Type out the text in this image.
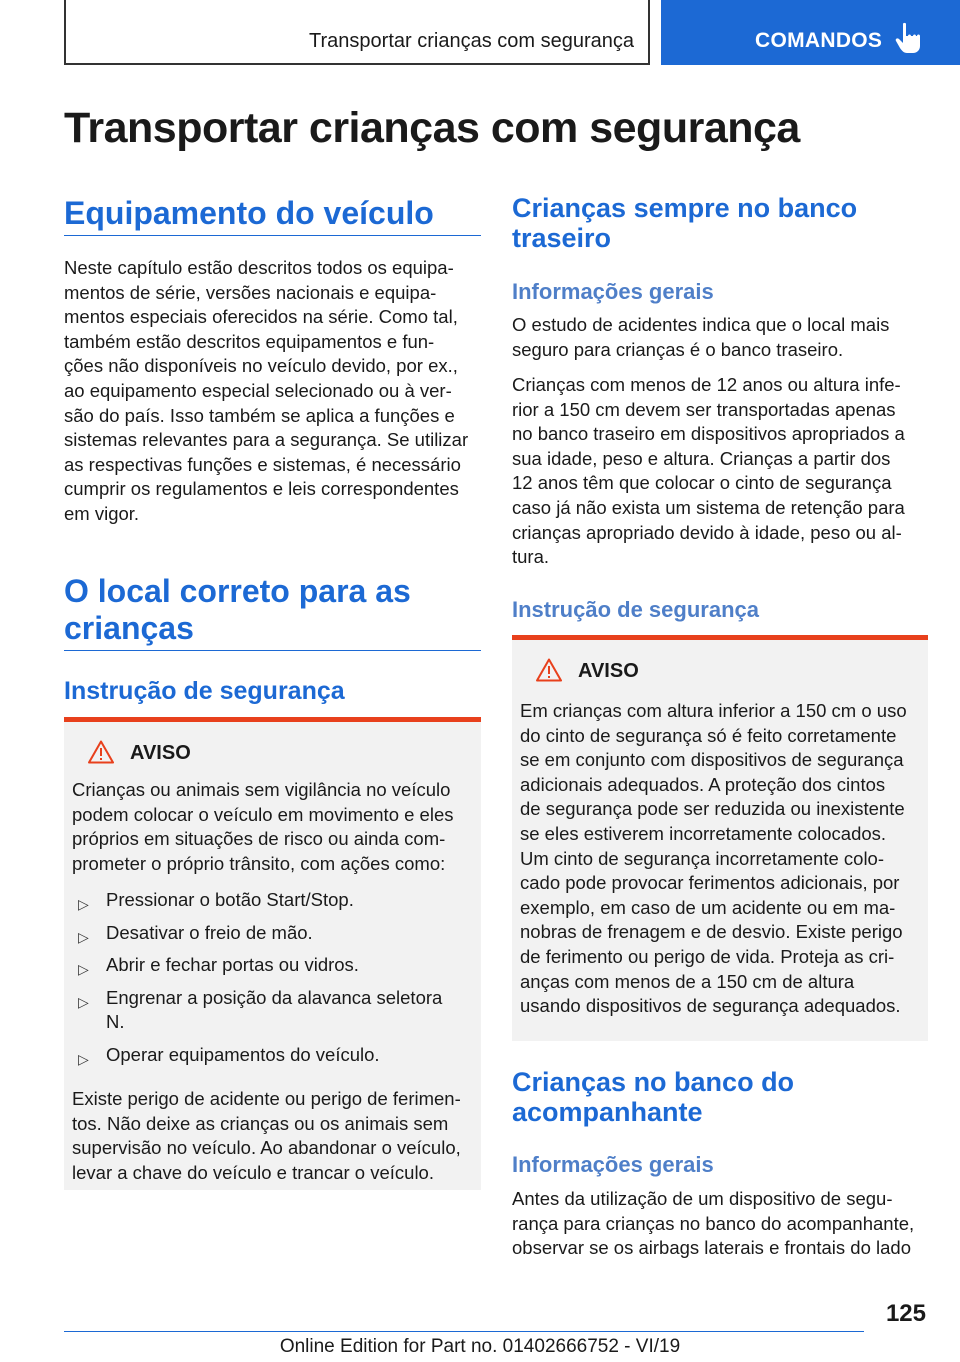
Transportar crianças com segurança	COMANDOS
Transportar crianças com segurança
Equipamento do veículo
Neste capítulo estão descritos todos os equipa-
mentos de série, versões nacionais e equipa-
mentos especiais oferecidos na série. Como tal,
também estão descritos equipamentos e fun-
ções não disponíveis no veículo devido, por ex.,
ao equipamento especial selecionado ou à ver-
são do país. Isso também se aplica a funções e
sistemas relevantes para a segurança. Se utilizar
as respectivas funções e sistemas, é necessário
cumprir os regulamentos e leis correspondentes
em vigor.
O local correto para as
crianças
Instrução de segurança
AVISO
Crianças ou animais sem vigilância no veículo
podem colocar o veículo em movimento e eles
próprios em situações de risco ou ainda com-
prometer o próprio trânsito, com ações como:
▷ Pressionar o botão Start/Stop.
▷ Desativar o freio de mão.
▷ Abrir e fechar portas ou vidros.
▷ Engrenar a posição da alavanca seletora
N.
▷ Operar equipamentos do veículo.
Existe perigo de acidente ou perigo de ferimen-
tos. Não deixe as crianças ou os animais sem
supervisão no veículo. Ao abandonar o veículo,
levar a chave do veículo e trancar o veículo.
Crianças sempre no banco
traseiro
Informações gerais
O estudo de acidentes indica que o local mais
seguro para crianças é o banco traseiro.
Crianças com menos de 12 anos ou altura infe-
rior a 150 cm devem ser transportadas apenas
no banco traseiro em dispositivos apropriados a
sua idade, peso e altura. Crianças a partir dos
12 anos têm que colocar o cinto de segurança
caso já não exista um sistema de retenção para
crianças apropriado devido à idade, peso ou al-
tura.
Instrução de segurança
AVISO
Em crianças com altura inferior a 150 cm o uso
do cinto de segurança só é feito corretamente
se em conjunto com dispositivos de segurança
adicionais adequados. A proteção dos cintos
de segurança pode ser reduzida ou inexistente
se eles estiverem incorretamente colocados.
Um cinto de segurança incorretamente colo-
cado pode provocar ferimentos adicionais, por
exemplo, em caso de um acidente ou em ma-
nobras de frenagem e de desvio. Existe perigo
de ferimento ou perigo de vida. Proteja as cri-
anças com menos de a 150 cm de altura
usando dispositivos de segurança adequados.
Crianças no banco do
acompanhante
Informações gerais
Antes da utilização de um dispositivo de segu-
rança para crianças no banco do acompanhante,
observar se os airbags laterais e frontais do lado
125
Online Edition for Part no. 01402666752 - VI/19
